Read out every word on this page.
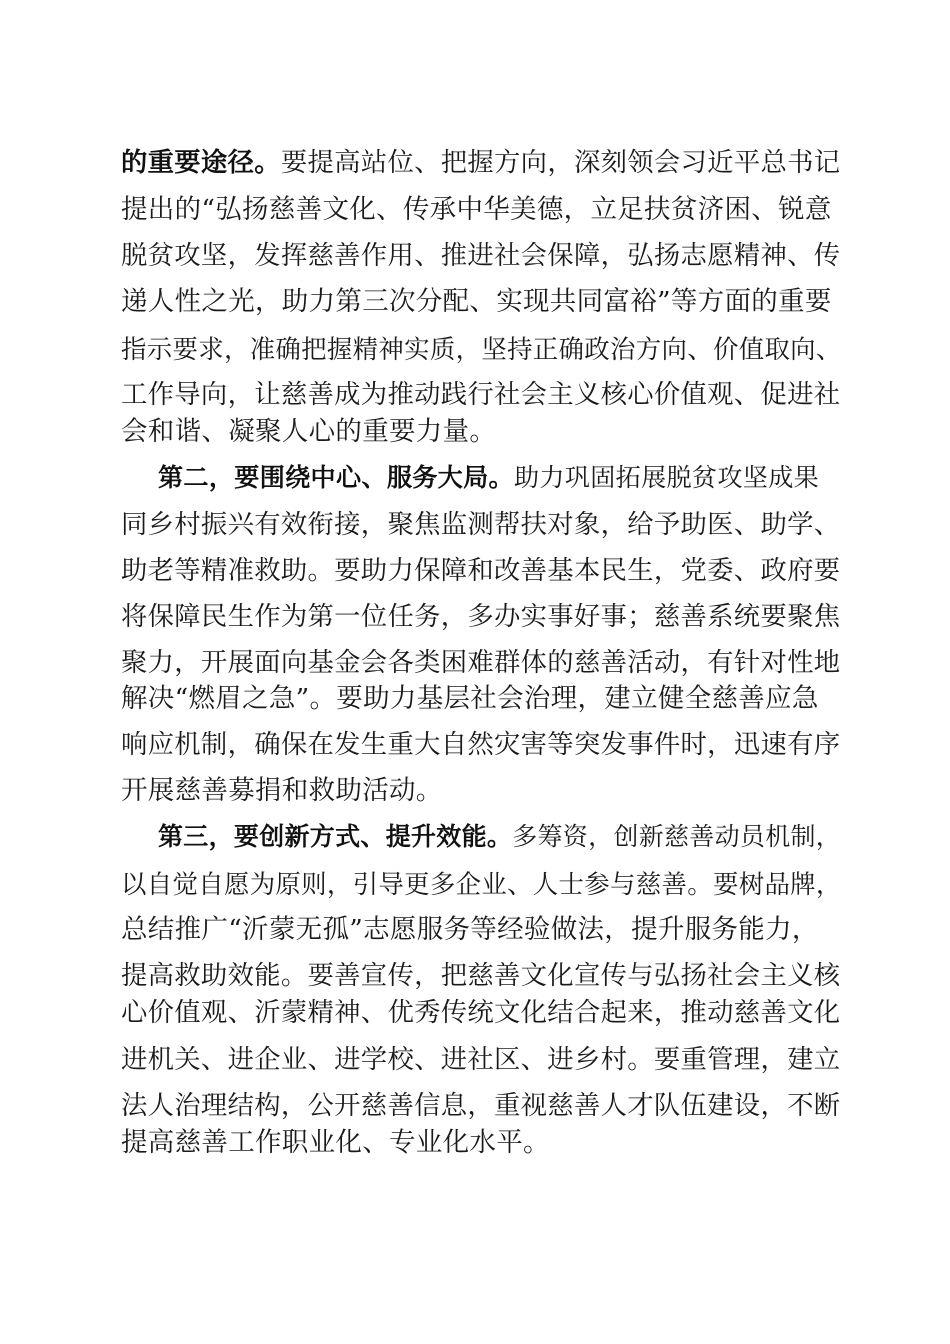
的重要途径。要提高站位、把握方向，深刻领会习近平总书记
提出的“弘扬慈善文化、传承中华美德，立足扶贫济困、锐意
脱贫攻坚，发挥慈善作用、推进社会保障，弘扬志愿精神、传
递人性之光，助力第三次分配、实现共同富裕”等方面的重要
指示要求，准确把握精神实质，坚持正确政治方向、价值取向、
工作导向，让慈善成为推动践行社会主义核心价值观、促进社
会和谐、凝聚人心的重要力量。
第二，要围绕中心、服务大局。助力巩固拓展脱贫攻坚成果
同乡村振兴有效衔接，聚焦监测帮扶对象，给予助医、助学、
助老等精准救助。要助力保障和改善基本民生，党委、政府要
将保障民生作为第一位任务，多办实事好事；慈善系统要聚焦
聚力，开展面向基金会各类困难群体的慈善活动，有针对性地
解决“燃眉之急”。要助力基层社会治理，建立健全慈善应急
响应机制，确保在发生重大自然灾害等突发事件时，迅速有序
开展慈善募捐和救助活动。
第三，要创新方式、提升效能。多筹资，创新慈善动员机制，
以自觉自愿为原则，引导更多企业、人士参与慈善。要树品牌，
总结推广“沂蒙无孤”志愿服务等经验做法，提升服务能力，
提高救助效能。要善宣传，把慈善文化宣传与弘扬社会主义核
心价值观、沂蒙精神、优秀传统文化结合起来，推动慈善文化
进机关、进企业、进学校、进社区、进乡村。要重管理，建立
法人治理结构，公开慈善信息，重视慈善人才队伍建设，不断
提高慈善工作职业化、专业化水平。
